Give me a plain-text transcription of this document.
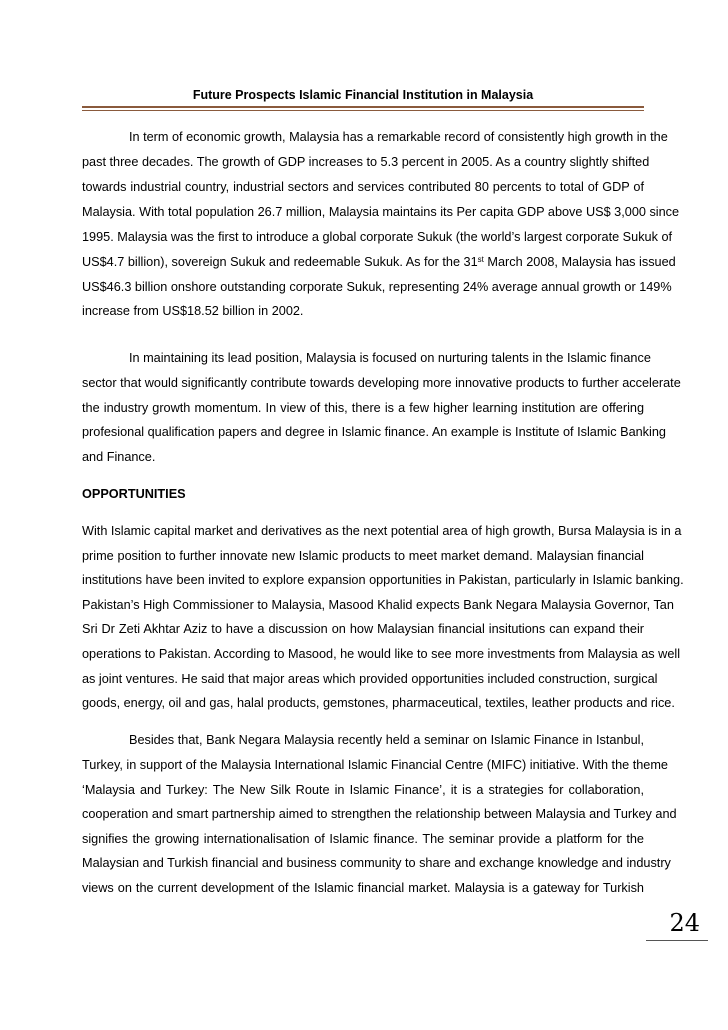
Future Prospects Islamic Financial Institution in Malaysia
In term of economic growth, Malaysia has a remarkable record of consistently high growth in the
past three decades. The growth of GDP increases to 5.3 percent in 2005. As a country slightly shifted
towards industrial country, industrial sectors and services contributed 80 percents to total of GDP of
Malaysia. With total population 26.7 million, Malaysia maintains its Per capita GDP above US$ 3,000 since
1995. Malaysia was the first to introduce a global corporate Sukuk (the world’s largest corporate Sukuk of
US$4.7 billion), sovereign Sukuk and redeemable Sukuk. As for the 31st March 2008, Malaysia has issued
US$46.3 billion onshore outstanding corporate Sukuk, representing 24% average annual growth or 149%
increase from US$18.52 billion in 2002.
In maintaining its lead position, Malaysia is focused on nurturing talents in the Islamic finance
sector that would significantly contribute towards developing more innovative products to further accelerate
the industry growth momentum. In view of this, there is a few higher learning institution are offering
profesional qualification papers and degree in Islamic finance. An example is Institute of Islamic Banking
and Finance.
OPPORTUNITIES
With Islamic capital market and derivatives as the next potential area of high growth, Bursa Malaysia is in a
prime position to further innovate new Islamic products to meet market demand. Malaysian financial
institutions have been invited to explore expansion opportunities in Pakistan, particularly in Islamic banking.
Pakistan’s High Commissioner to Malaysia, Masood Khalid expects Bank Negara Malaysia Governor, Tan
Sri Dr Zeti Akhtar Aziz to have a discussion on how Malaysian financial insitutions can expand their
operations to Pakistan. According to Masood, he would like to see more investments from Malaysia as well
as joint ventures. He said that major areas which provided opportunities included construction, surgical
goods, energy, oil and gas, halal products, gemstones, pharmaceutical, textiles, leather products and rice.
Besides that, Bank Negara Malaysia recently held a seminar on Islamic Finance in Istanbul,
Turkey, in support of the Malaysia International Islamic Financial Centre (MIFC) initiative. With the theme
‘Malaysia and Turkey: The New Silk Route in Islamic Finance’, it is a strategies for collaboration,
cooperation and smart partnership aimed to strengthen the relationship between Malaysia and Turkey and
signifies the growing internationalisation of Islamic finance. The seminar provide a platform for the
Malaysian and Turkish financial and business community to share and exchange knowledge and industry
views on the current development of the Islamic financial market. Malaysia is a gateway for Turkish
24
